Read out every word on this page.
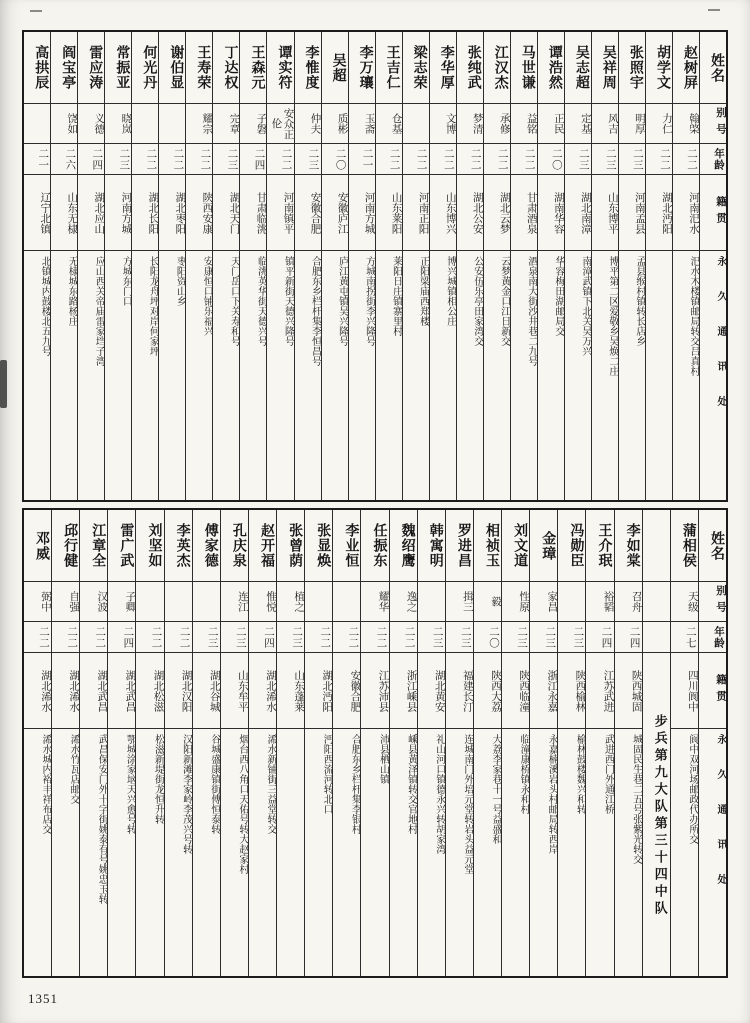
姓名
别号
年龄
籍贯
永久通讯处
赵树屏
翰棨
二二
河南汜水
汜水木楼镇邮局转交吕真村
胡学文
力仁
二二
湖北沔阳
张照宇
明厚
二三
河南孟县
孟县缑村镇转长店乡
吴祥周
风吉
二三
山东博平
博平第二区爱敬乡吴焕二庄
吴志超
定基
二三
湖北南漳
南漳武镇下北关吴万兴
谭浩然
正民
二〇
湖南华容
华容梅田湖邮局交
马世谦
益铭
二二
甘肃酒泉
酒泉南大街沙井巷二九号
江汉杰
承修
二二
湖北云梦
云梦黄金口江日新交
张纯武
梦清
二二
湖北公安
公安伍乐亭田家湾交
李华厚
文博
二二
山东博兴
博兴城镇相公庄
梁志荣
二二
河南正阳
正阳梁庙西郑楼
王吉仁
仓基
二二
山东莱阳
莱阳日庄镇寨里村
李万瓖
玉斋
二一
河南方城
方城南拐街李兴隆号
吴超
质彬
二〇
安徽庐江
庐江黄屯镇吴兴隆号
李惟度
仲夫
二三
安徽合肥
合肥东乡栏杆集李恒昌号
谭实符
安众正伦
二二
河南镇平
镇平新街天德兴隆号
王森元
子磐
二四
甘肃临洮
临洮英华街天德兴号
丁达权
完章
二三
湖北天门
天门岳口下关寿和号
王寿荣
耀宗
二二
陕西安康
安康恒口铺乐福兴
谢伯显
二二
湖北枣阳
枣阳资山乡
何光丹
二二
湖北长阳
长阳龙舟坪对岸何家坪
常振亚
晓岚
二三
河南方城
方城东门口
雷应涛
义德
二四
湖北应山
应山西关帝庙雷家垱子湾
阎宝亭
饶如
二六
山东无棣
无棣城东路杨庄
高拱辰
二一
辽宁北镇
北镇城内鼓楼北五九号
姓名
别号
年龄
籍贯
永久通讯处
蒲相侯
天级
二七
四川阆中
阆中双河场邮政代办所交
步兵第九大队第三十四中队
李如棠
召舟
二四
陕西城固
城固民生巷二五号张紫光转交
王介珉
裕韬
二四
江苏武进
武进西门外通江桥
冯勋臣
二三
陕西榆林
榆林鼓楼魏兴和转
金璋
家昌
二三
浙江永嘉
永嘉楠溪岩头村邮局转西岸
刘文道
性原
二三
陕西临潼
临潼康桥镇永和村
相祯玉
毅
二〇
陕西大荔
大荔李家巷十一号益盛和
罗进昌
揖三
二三
福建长汀
连城南门外培元堂转岩头益元堂
韩寓明
二三
湖北黄安
礼山河口镇德永兴转胡家湾
魏绍鹰
逸之
二二
浙江嵊县
嵊县黄泽镇转交官地村
任振东
耀华
二二
江苏沛县
沛县栖山镇
李业恒
二二
安徽合肥
合肥东乡栏杆集李银村
张显焕
二二
湖北沔阳
沔阳西流河转北口
张曾荫
植之
二三
山东蓬莱
赵开福
惟悦
二四
湖北浠水
浠水新铺街三益堂转交
孔庆泉
连江
二三
山东牟平
烟台西八角口天佑号转大赵家村
傅家德
二三
湖北谷城
谷城盛康镇街傅恒泰转
李英杰
二二
湖北汉阳
汉阳新滩李家岭李茂兴号转
刘坚如
二二
湖北松滋
松滋新堤街龙恒升转
雷广武
子卿
二四
湖北武昌
鄂城涂家垴天兴愈号转
江章全
汉波
二二
湖北武昌
武昌保安门外十字街姚泰有号姚忠玉转
邱行健
自强
二二
湖北浠水
浠水竹瓦店邮交
邓威
弼中
二二
湖北浠水
浠水城内裕丰祥布店交
1351
